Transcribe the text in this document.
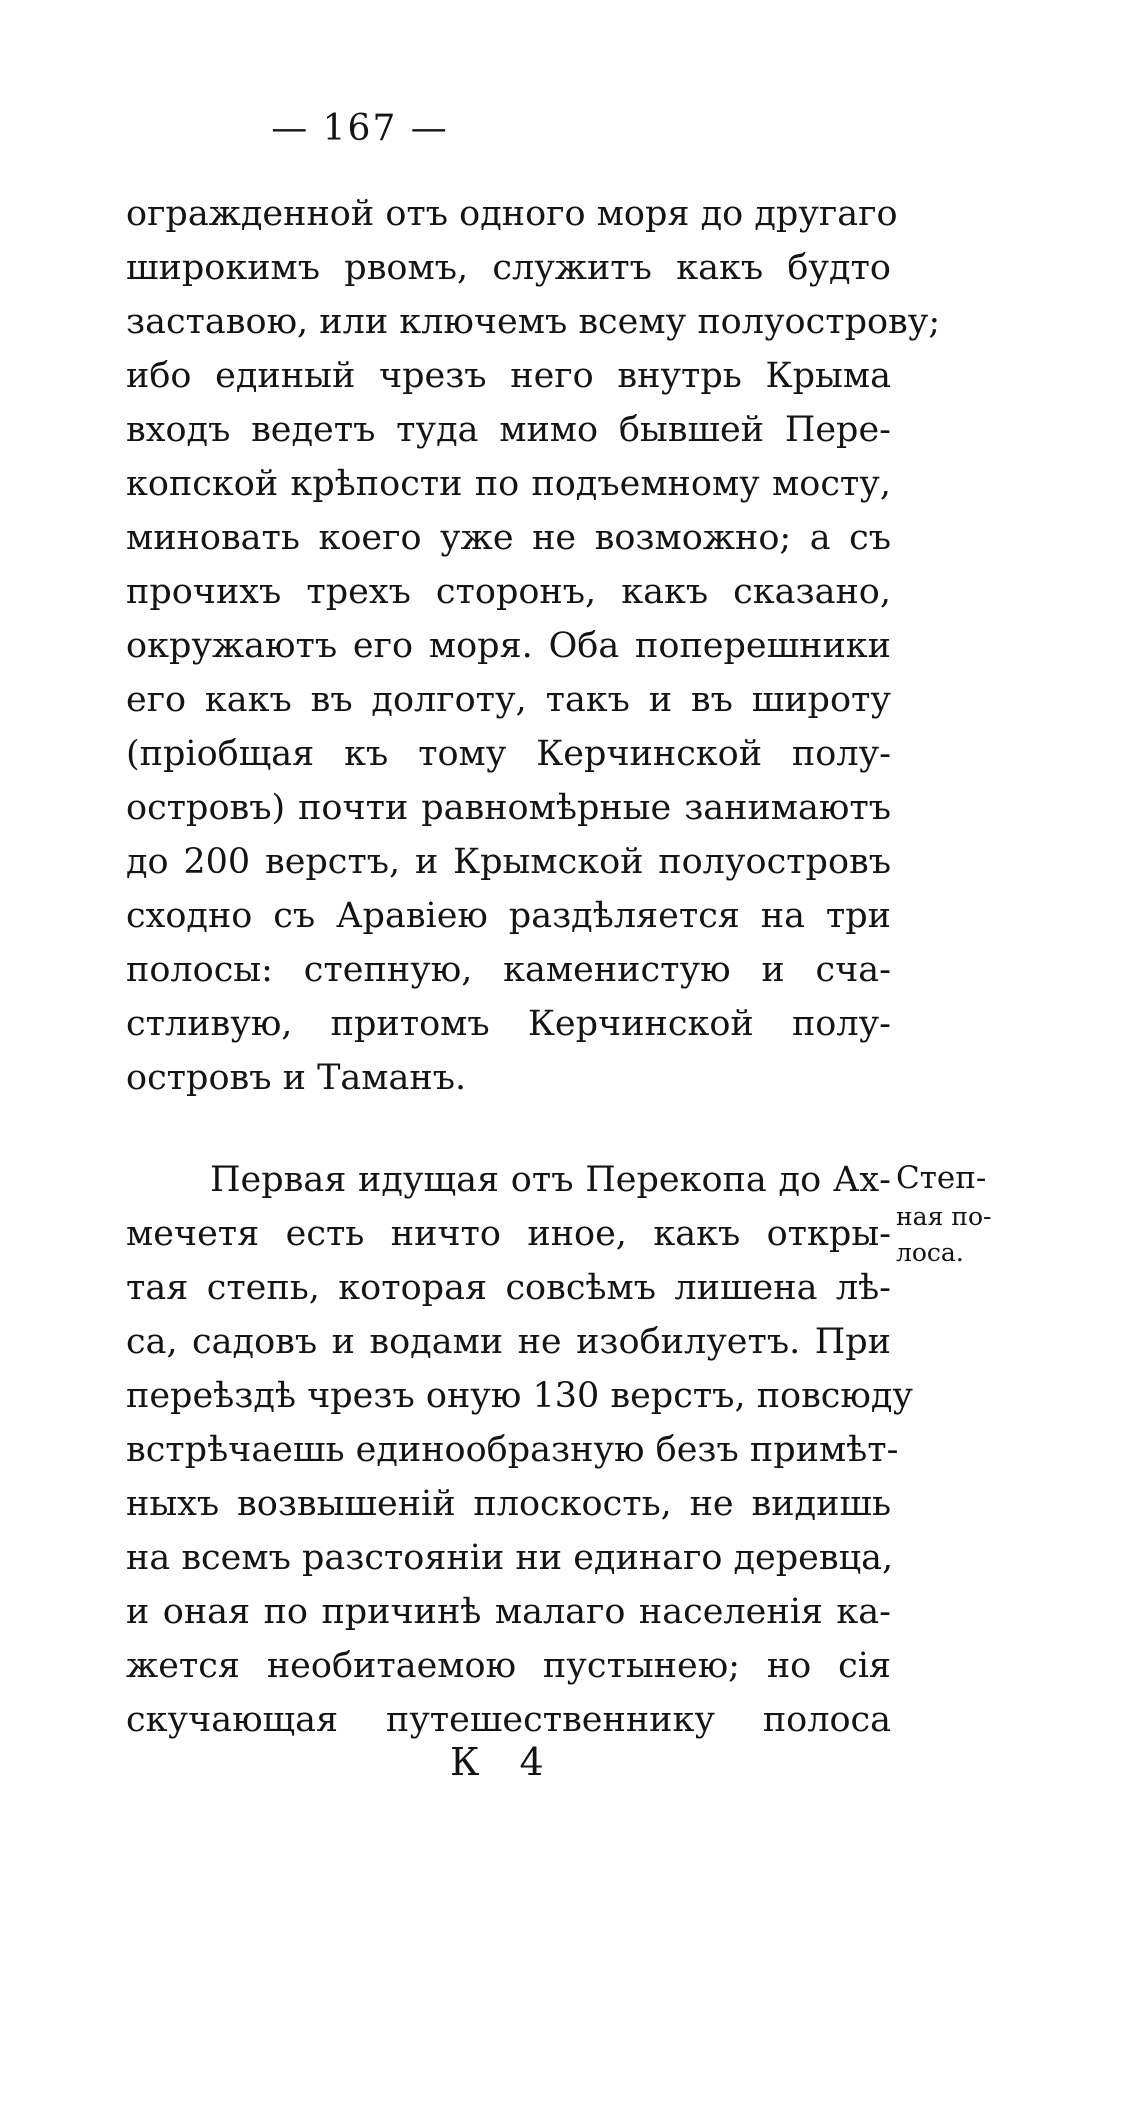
— 167 —
огражденной отъ одного моря до другаго
широкимъ рвомъ, служитъ какъ будто
заставою, или ключемъ всему полуострову;
ибо единый чрезъ него внутрь Крыма
входъ ведетъ туда мимо бывшей Пере-
копской крѣпости по подъемному мосту,
миновать коего уже не возможно; а съ
прочихъ трехъ сторонъ, какъ сказано,
окружаютъ его моря. Оба поперешники
его какъ въ долготу, такъ и въ широту
(пріобщая къ тому Керчинской полу-
островъ) почти равномѣрные занимаютъ
до 200 верстъ, и Крымской полуостровъ
сходно съ Аравіею раздѣляется на три
полосы: степную, каменистую и сча-
стливую, притомъ Керчинской полу-
островъ и Таманъ.
Первая идущая отъ Перекопа до Ах-
мечетя есть ничто иное, какъ откры-
тая степь, которая совсѣмъ лишена лѣ-
са, садовъ и водами не изобилуетъ. При
переѣздѣ чрезъ оную 130 верстъ, повсюду
встрѣчаешь единообразную безъ примѣт-
ныхъ возвышеній плоскость, не видишь
на всемъ разстояніи ни единаго деревца,
и оная по причинѣ малаго населенія ка-
жется необитаемою пустынею; но сія
скучающая путешественнику полоса
Степ-
ная по-
лоса.
К 4
